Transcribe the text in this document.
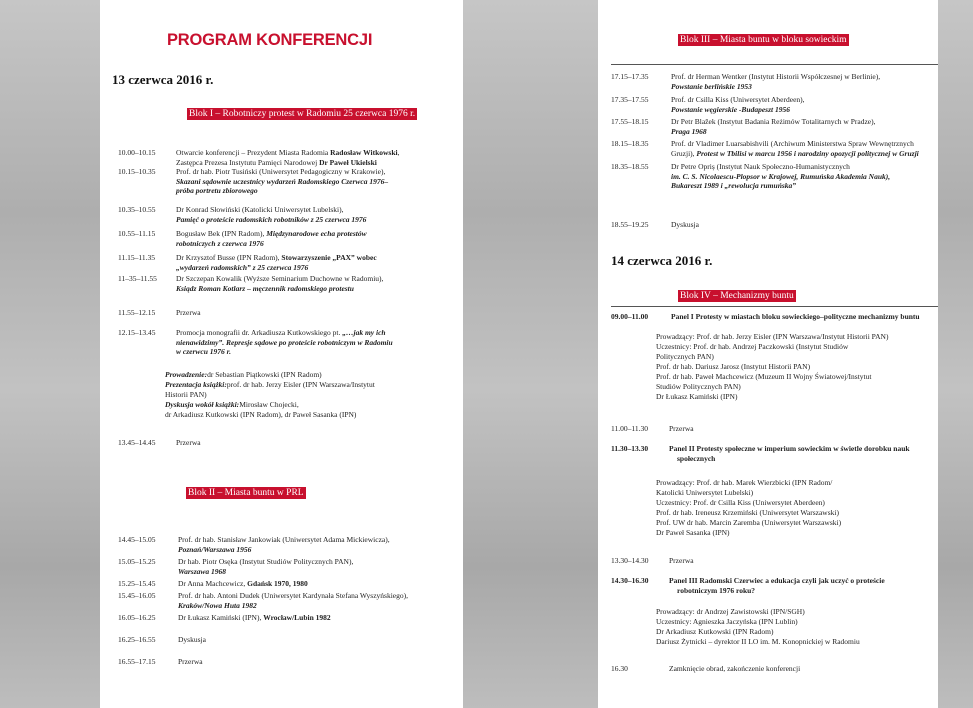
PROGRAM KONFERENCJI
13 czerwca 2016 r.
Blok I – Robotniczy protest w Radomiu 25 czerwca 1976 r.
Blok II – Miasta buntu w PRL
10.00–10.15	Otwarcie konferencji – Prezydent Miasta Radomia Radosław Witkowski,
Zastępca Prezesa Instytutu Pamięci Narodowej Dr Paweł Ukielski
10.15–10.35	Prof. dr hab. Piotr Tusiński (Uniwersytet Pedagogiczny w Krakowie),
Skazani sądownie uczestnicy wydarzeń Radomskiego Czerwca 1976–
próba portretu zbiorowego
10.35–10.55	Dr Konrad Słowiński (Katolicki Uniwersytet Lubelski),
Pamięć o proteście radomskich robotników z 25 czerwca 1976
10.55–11.15	Bogusław Bek (IPN Radom), Międzynarodowe echa protestów
robotniczych z czerwca 1976
11.15–11.35	Dr Krzysztof Busse (IPN Radom), Stowarzyszenie „PAX” wobec
„wydarzeń radomskich” z 25 czerwca 1976
11–35–11.55	Dr Szczepan Kowalik (Wyższe Seminarium Duchowne w Radomiu),
Ksiądz Roman Kotlarz – męczennik radomskiego protestu
11.55–12.15	Przerwa
12.15–13.45	Promocja monografii dr. Arkadiusza Kutkowskiego pt. „…jak my ich
nienawidzimy”. Represje sądowe po proteście robotniczym w Radomiu
w czerwcu 1976 r.
Prowadzenie: dr Sebastian Piątkowski (IPN Radom)
Prezentacja książki: prof. dr hab. Jerzy Eisler (IPN Warszawa/Instytut
Historii PAN)
Dyskusja wokół książki: Mirosław Chojecki,
dr Arkadiusz Kutkowski (IPN Radom), dr Paweł Sasanka (IPN)
13.45–14.45	Przerwa
14.45–15.05	Prof. dr hab. Stanisław Jankowiak (Uniwersytet Adama Mickiewicza),
Poznań/Warszawa 1956
15.05–15.25	Dr hab. Piotr Osęka (Instytut Studiów Politycznych PAN),
Warszawa 1968
15.25–15.45	Dr Anna Machcewicz, Gdańsk 1970, 1980
15.45–16.05	Prof. dr hab. Antoni Dudek (Uniwersytet Kardynała Stefana Wyszyńskiego),
Kraków/Nowa Huta 1982
16.05–16.25	Dr Łukasz Kamiński (IPN), Wrocław/Lubin 1982
16.25–16.55	Dyskusja
16.55–17.15	Przerwa
Blok III – Miasta buntu w bloku sowieckim
14 czerwca 2016 r.
Blok IV – Mechanizmy buntu
17.15–17.35	Prof. dr Herman Wentker (Instytut Historii Współczesnej w Berlinie),
Powstanie berlińskie 1953
17.35–17.55	Prof. dr Csilla Kiss (Uniwersytet Aberdeen),
Powstanie węgierskie -Budapeszt 1956
17.55–18.15	Dr Petr Blažek (Instytut Badania Reżimów Totalitarnych w Pradze),
Praga 1968
18.15–18.35	Prof. dr Vladimer Luarsabishvili (Archiwum Ministerstwa Spraw Wewnętrznych
Gruzji), Protest w Tbilisi w marcu 1956 i narodziny opozycji politycznej w Gruzji
18.35–18.55	Dr Petre Opriș (Instytut Nauk Społeczno-Humanistycznych
im. C. S. Nicolaescu-Plopsor w Krajowej, Rumuńska Akademia Nauk),
Bukareszt 1989 i „rewolucja rumuńska”
18.55–19.25	Dyskusja
09.00–11.00	Panel I Protesty w miastach bloku sowieckiego–polityczne mechanizmy buntu
Prowadzący: Prof. dr hab. Jerzy Eisler (IPN Warszawa/Instytut Historii PAN)
Uczestnicy: Prof. dr hab. Andrzej Paczkowski (Instytut Studiów
Politycznych PAN)
Prof. dr hab. Dariusz Jarosz (Instytut Historii PAN)
Prof. dr hab. Paweł Machcewicz (Muzeum II Wojny Światowej/Instytut
Studiów Politycznych PAN)
Dr Łukasz Kamiński (IPN)
11.00–11.30	Przerwa
11.30–13.30	Panel II Protesty społeczne w imperium sowieckim w świetle dorobku nauk
społecznych
Prowadzący: Prof. dr hab. Marek Wierzbicki (IPN Radom/
Katolicki Uniwersytet Lubelski)
Uczestnicy: Prof. dr Csilla Kiss (Uniwersytet Aberdeen)
Prof. dr hab. Ireneusz Krzemiński (Uniwersytet Warszawski)
Prof. UW dr hab. Marcin Zaremba (Uniwersytet Warszawski)
Dr Paweł Sasanka (IPN)
13.30–14.30	Przerwa
14.30–16.30	Panel III Radomski Czerwiec a edukacja czyli jak uczyć o proteście
robotniczym 1976 roku?
Prowadzący: dr Andrzej Zawistowski (IPN/SGH)
Uczestnicy: Agnieszka Jaczyńska (IPN Lublin)
Dr Arkadiusz Kutkowski (IPN Radom)
Dariusz Żytnicki – dyrektor II LO im. M. Konopnickiej w Radomiu
16.30	Zamknięcie obrad, zakończenie konferencji
